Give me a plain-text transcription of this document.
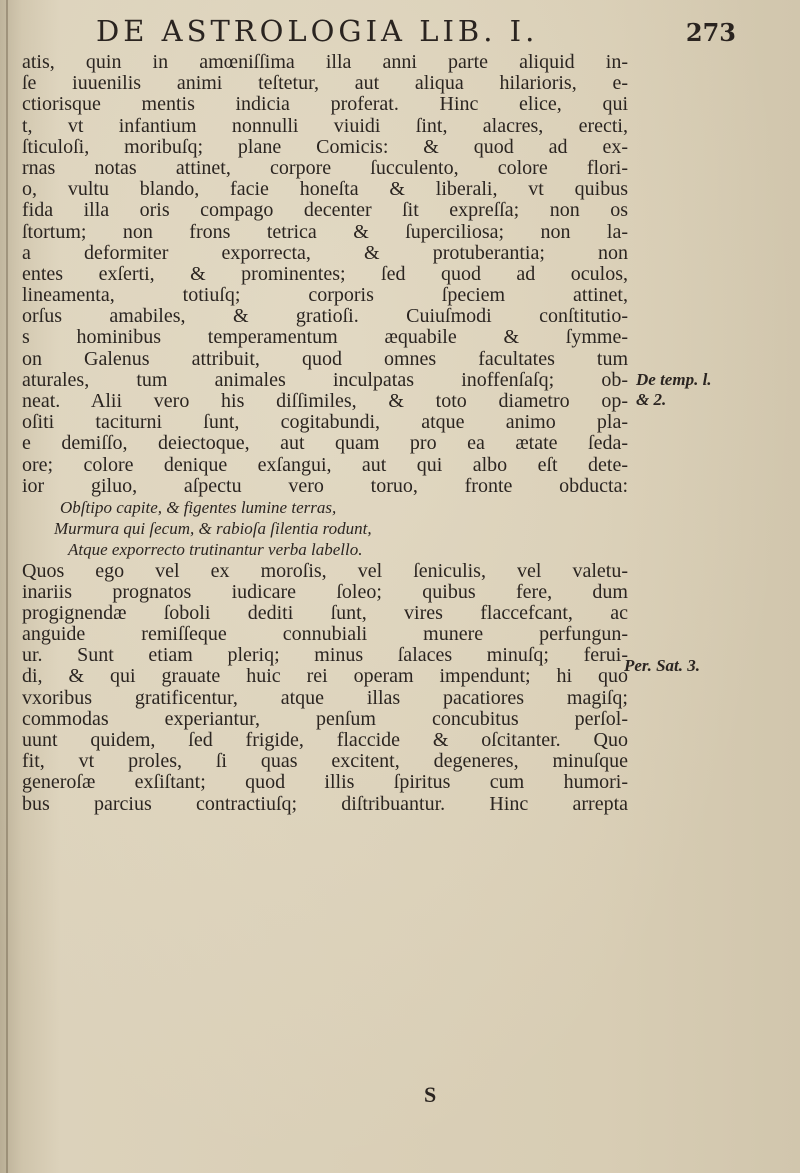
DE ASTROLOGIA LIB. I.	273
atis, quin in amœniſſima illa anni parte aliquid in-
ſe iuuenilis animi teſtetur, aut aliqua hilarioris, e-
ctiorisque mentis indicia proferat. Hinc elice, qui
t, vt infantium nonnulli viuidi ſint, alacres, erecti,
ſticuloſi, moribuſq; plane Comicis: & quod ad ex-
rnas notas attinet, corpore ſucculento, colore flori-
o, vultu blando, facie honeſta & liberali, vt quibus
fida illa oris compago decenter ſit expreſſa; non os
ſtortum; non frons tetrica & ſuperciliosa; non la-
a deformiter exporrecta, & protuberantia; non
entes exſerti, & prominentes; ſed quod ad oculos,
lineamenta, totiuſq; corporis ſpeciem attinet,
orſus amabiles, & gratioſi. Cuiuſmodi conſtitutio-
s hominibus temperamentum æquabile & ſymme-
on Galenus attribuit, quod omnes facultates tum
aturales, tum animales inculpatas inoffenſaſq; ob-
neat. Alii vero his diſſimiles, & toto diametro op-
oſiti taciturni ſunt, cogitabundi, atque animo pla-
e demiſſo, deiectoque, aut quam pro ea ætate ſeda-
ore; colore denique exſangui, aut qui albo eſt dete-
ior giluo, aſpectu vero toruo, fronte obducta:
Obſtipo capite, & figentes lumine terras,
Murmura qui ſecum, & rabioſa ſilentia rodunt,
Atque exporrecto trutinantur verba labello.
Quos ego vel ex moroſis, vel ſeniculis, vel valetu-
inariis prognatos iudicare ſoleo; quibus fere, dum
progignendæ ſoboli dediti ſunt, vires flaccefcant, ac
anguide remiſſeque connubiali munere perfungun-
ur. Sunt etiam pleriq; minus ſalaces minuſq; ferui-
di, & qui grauate huic rei operam impendunt; hi quo
vxoribus gratificentur, atque illas pacatiores magiſq;
commodas experiantur, penſum concubitus perſol-
uunt quidem, ſed frigide, flaccide & oſcitanter. Quo
fit, vt proles, ſi quas excitent, degeneres, minuſque
generoſæ exſiſtant; quod illis ſpiritus cum humori-
bus parcius contractiuſq; diſtribuantur. Hinc arrepta
De temp. l.
& 2.
Per. Sat. 3.
S
